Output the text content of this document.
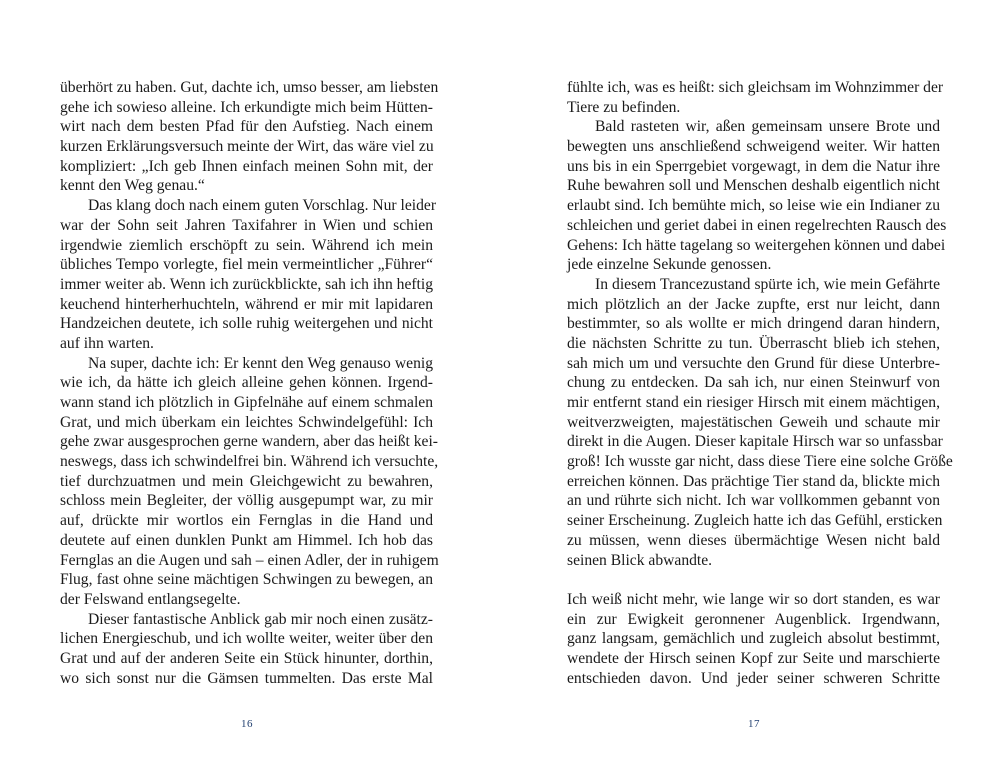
überhört zu haben. Gut, dachte ich, umso besser, am liebsten
gehe ich sowieso alleine. Ich erkundigte mich beim Hütten-
wirt nach dem besten Pfad für den Aufstieg. Nach einem
kurzen Erklärungsversuch meinte der Wirt, das wäre viel zu
kompliziert: „Ich geb Ihnen einfach meinen Sohn mit, der
kennt den Weg genau.“
Das klang doch nach einem guten Vorschlag. Nur leider
war der Sohn seit Jahren Taxifahrer in Wien und schien
irgendwie ziemlich erschöpft zu sein. Während ich mein
übliches Tempo vorlegte, fiel mein vermeintlicher „Führer“
immer weiter ab. Wenn ich zurückblickte, sah ich ihn heftig
keuchend hinterherhuchteln, während er mir mit lapidaren
Handzeichen deutete, ich solle ruhig weitergehen und nicht
auf ihn warten.
Na super, dachte ich: Er kennt den Weg genauso wenig
wie ich, da hätte ich gleich alleine gehen können. Irgend-
wann stand ich plötzlich in Gipfelnähe auf einem schmalen
Grat, und mich überkam ein leichtes Schwindelgefühl: Ich
gehe zwar ausgesprochen gerne wandern, aber das heißt kei-
neswegs, dass ich schwindelfrei bin. Während ich versuchte,
tief durchzuatmen und mein Gleichgewicht zu bewahren,
schloss mein Begleiter, der völlig ausgepumpt war, zu mir
auf, drückte mir wortlos ein Fernglas in die Hand und
deutete auf einen dunklen Punkt am Himmel. Ich hob das
Fernglas an die Augen und sah – einen Adler, der in ruhigem
Flug, fast ohne seine mächtigen Schwingen zu bewegen, an
der Felswand entlangsegelte.
Dieser fantastische Anblick gab mir noch einen zusätz-
lichen Energieschub, und ich wollte weiter, weiter über den
Grat und auf der anderen Seite ein Stück hinunter, dorthin,
wo sich sonst nur die Gämsen tummelten. Das erste Mal
fühlte ich, was es heißt: sich gleichsam im Wohnzimmer der
Tiere zu befinden.
Bald rasteten wir, aßen gemeinsam unsere Brote und
bewegten uns anschließend schweigend weiter. Wir hatten
uns bis in ein Sperrgebiet vorgewagt, in dem die Natur ihre
Ruhe bewahren soll und Menschen deshalb eigentlich nicht
erlaubt sind. Ich bemühte mich, so leise wie ein Indianer zu
schleichen und geriet dabei in einen regelrechten Rausch des
Gehens: Ich hätte tagelang so weitergehen können und dabei
jede einzelne Sekunde genossen.
In diesem Trancezustand spürte ich, wie mein Gefährte
mich plötzlich an der Jacke zupfte, erst nur leicht, dann
bestimmter, so als wollte er mich dringend daran hindern,
die nächsten Schritte zu tun. Überrascht blieb ich stehen,
sah mich um und versuchte den Grund für diese Unterbre-
chung zu entdecken. Da sah ich, nur einen Steinwurf von
mir entfernt stand ein riesiger Hirsch mit einem mächtigen,
weitverzweigten, majestätischen Geweih und schaute mir
direkt in die Augen. Dieser kapitale Hirsch war so unfassbar
groß! Ich wusste gar nicht, dass diese Tiere eine solche Größe
erreichen können. Das prächtige Tier stand da, blickte mich
an und rührte sich nicht. Ich war vollkommen gebannt von
seiner Erscheinung. Zugleich hatte ich das Gefühl, ersticken
zu müssen, wenn dieses übermächtige Wesen nicht bald
seinen Blick abwandte.
Ich weiß nicht mehr, wie lange wir so dort standen, es war
ein zur Ewigkeit geronnener Augenblick. Irgendwann,
ganz langsam, gemächlich und zugleich absolut bestimmt,
wendete der Hirsch seinen Kopf zur Seite und marschierte
entschieden davon. Und jeder seiner schweren Schritte
16	17
